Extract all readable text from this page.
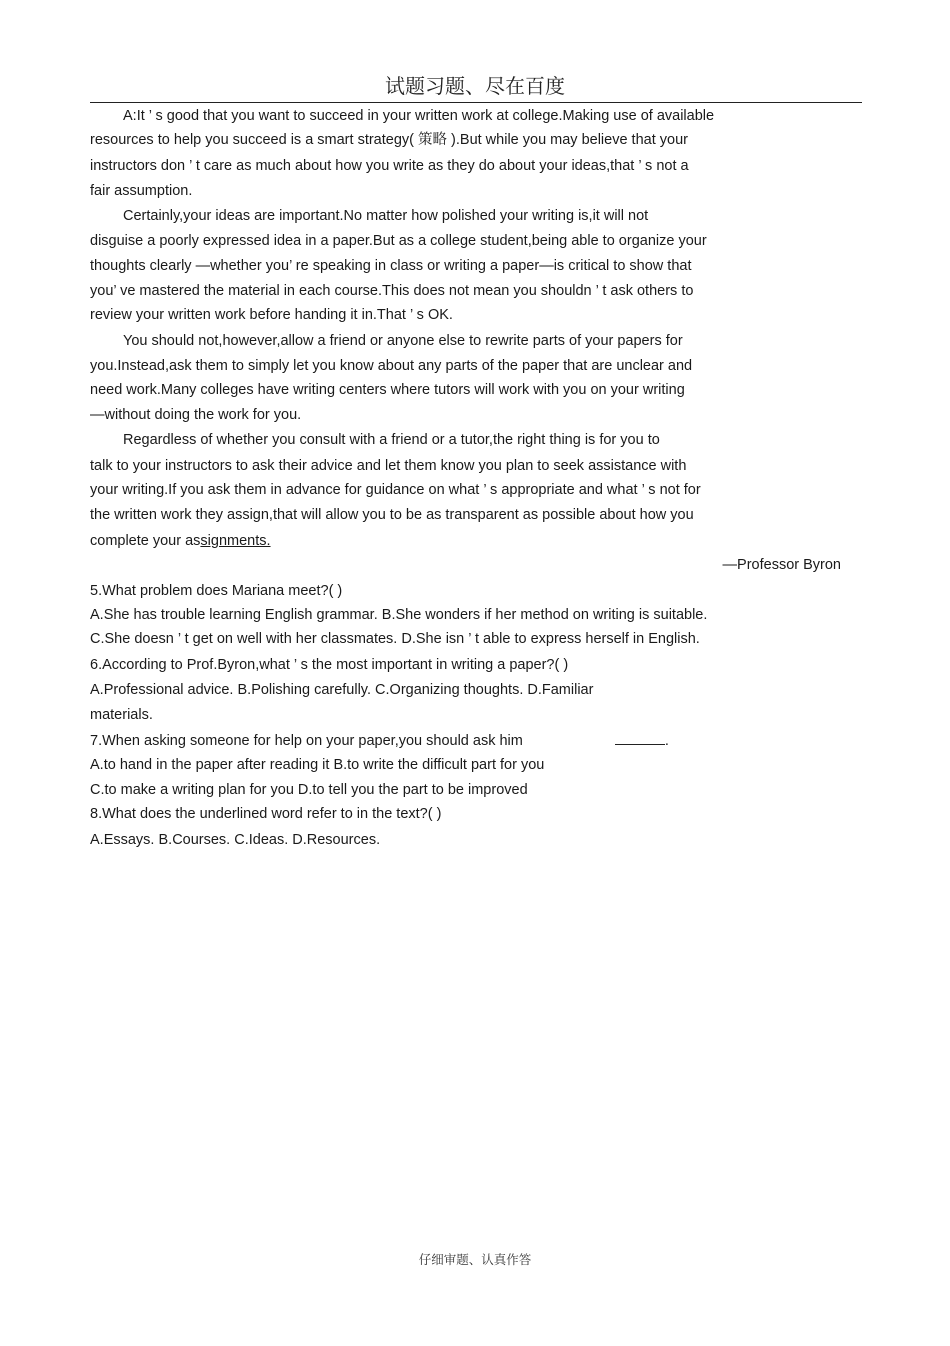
试题习题、尽在百度
A:It ’ s good that you want to succeed in your written work at college.Making use of available
resources to help you succeed is a smart strategy( 策略 ).But while you may believe that your
instructors don ’ t care as much about how you write as they do about your ideas,that ’ s not a
fair assumption.
Certainly,your ideas are important.No matter how polished your writing is,it will not
disguise a poorly expressed idea in a paper.But as a college student,being able to organize your
thoughts clearly —whether you’ re speaking in class or writing a paper—is critical to show that
you’ ve mastered the material in each course.This does not mean you shouldn ’ t ask others to
review your written work before handing it in.That ’ s OK.
You should not,however,allow a friend or anyone else to rewrite parts of your papers for
you.Instead,ask them to simply let you know about any parts of the paper that are unclear and
need work.Many colleges have writing centers where tutors will work with you on your writing
—without doing the work for you.
Regardless of whether you consult with a friend or a tutor,the right thing is for you to
talk to your instructors to ask their advice and let them know you plan to seek assistance with
your writing.If you ask them in advance for guidance on what ’ s appropriate and what ’ s not for
the written work they assign,that will allow you to be as transparent as possible about how you
complete your assignments.
—Professor Byron
5.What problem does Mariana meet?( )
A.She has trouble learning English grammar. B.She wonders if her method on writing is suitable.
C.She doesn ’ t get on well with her classmates. D.She isn ’ t able to express herself in English.
6.According to Prof.Byron,what ’ s the most important in writing a paper?( )
A.Professional advice. B.Polishing carefully. C.Organizing thoughts. D.Familiar
materials.
7.When asking someone for help on your paper,you should ask him	.
A.to hand in the paper after reading it B.to write the difficult part for you
C.to make a writing plan for you D.to tell you the part to be improved
8.What does the underlined word refer to in the text?( )
A.Essays. B.Courses. C.Ideas. D.Resources.
仔细审题、认真作答
